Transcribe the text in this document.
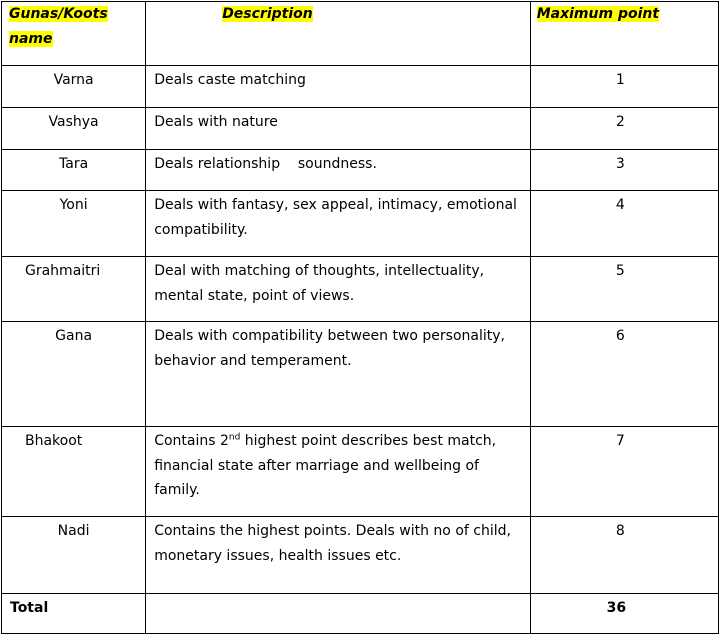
Gunas/Koots
name	Description	Maximum point

Varna	Deals caste matching	1

Vashya	Deals with nature	2

Tara	Deals relationship    soundness.	3

Yoni	Deals with fantasy, sex appeal, intimacy, emotional compatibility.	4

Grahmaitri	Deal with matching of thoughts, intellectuality, mental state, point of views.	5

Gana	Deals with compatibility between two personality, behavior and temperament.	6

Bhakoot	Contains 2nd highest point describes best match, financial state after marriage and wellbeing of family.	7

Nadi	Contains the highest points. Deals with no of child, monetary issues, health issues etc.	8

Total		36
